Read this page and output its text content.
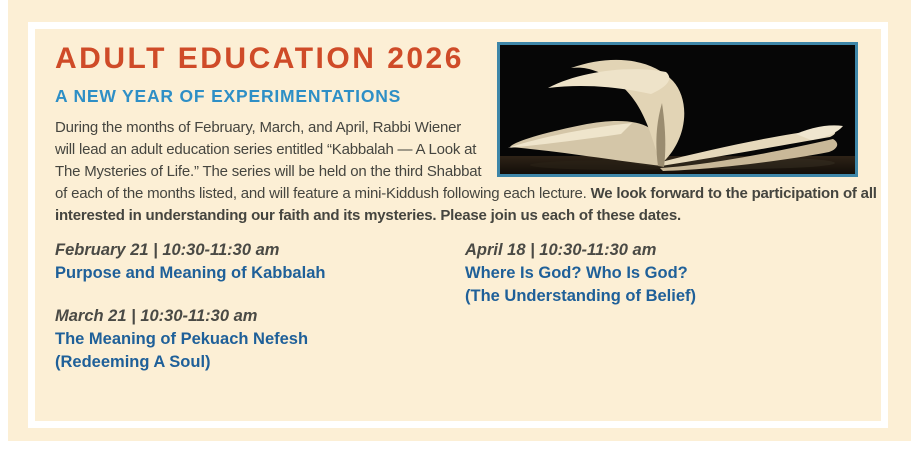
ADULT EDUCATION 2026
A NEW YEAR OF EXPERIMENTATIONS

During the months of February, March, and April, Rabbi Wiener will lead an adult education series entitled “Kabbalah — A Look at The Mysteries of Life.” The series will be held on the third Shabbat of each of the months listed, and will feature a mini-Kiddush following each lecture. We look forward to the participation of all interested in understanding our faith and its mysteries. Please join us each of these dates.

February 21 | 10:30-11:30 am
Purpose and Meaning of Kabbalah
March 21 | 10:30-11:30 am
The Meaning of Pekuach Nefesh
(Redeeming A Soul)
April 18 | 10:30-11:30 am
Where Is God? Who Is God?
(The Understanding of Belief)
